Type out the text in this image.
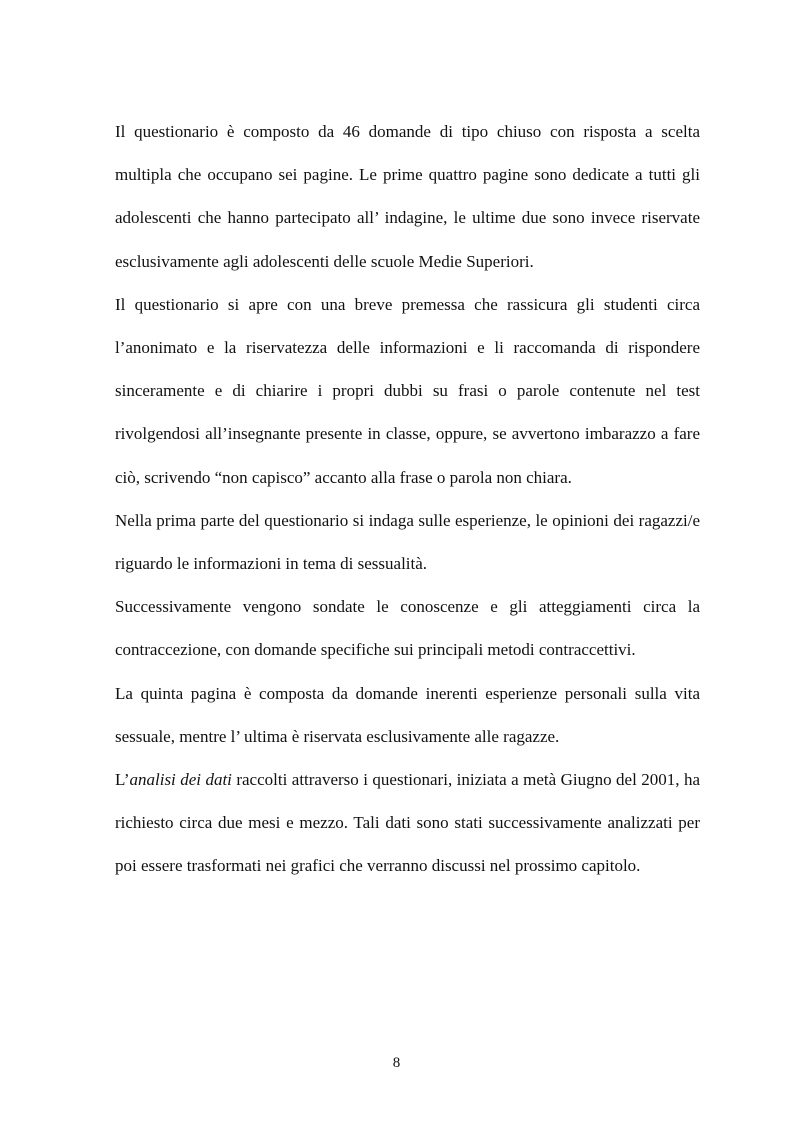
Il questionario è composto da 46 domande di tipo chiuso con risposta a scelta multipla che occupano sei pagine. Le prime quattro pagine sono dedicate a tutti gli adolescenti che hanno partecipato all’ indagine, le ultime due sono invece riservate esclusivamente agli adolescenti delle scuole Medie Superiori.

Il questionario si apre con una breve premessa che rassicura gli studenti circa l’anonimato e la riservatezza delle informazioni e li raccomanda di rispondere sinceramente e di chiarire i propri dubbi su frasi o parole contenute nel test rivolgendosi all’insegnante presente in classe, oppure, se avvertono imbarazzo a fare ciò, scrivendo “non capisco” accanto alla frase o parola non chiara.

Nella prima parte del questionario si indaga sulle esperienze, le opinioni dei ragazzi/e riguardo le informazioni in tema di sessualità.

Successivamente vengono sondate le conoscenze e gli atteggiamenti circa la contraccezione, con domande specifiche sui principali metodi contraccettivi.

La quinta pagina è composta da domande inerenti esperienze personali sulla vita sessuale, mentre l’ ultima è riservata esclusivamente alle ragazze.

L’analisi dei dati raccolti attraverso i questionari, iniziata a metà Giugno del 2001, ha richiesto circa due mesi e mezzo. Tali dati sono stati successivamente analizzati per poi essere trasformati nei grafici che verranno discussi nel prossimo capitolo.

8
